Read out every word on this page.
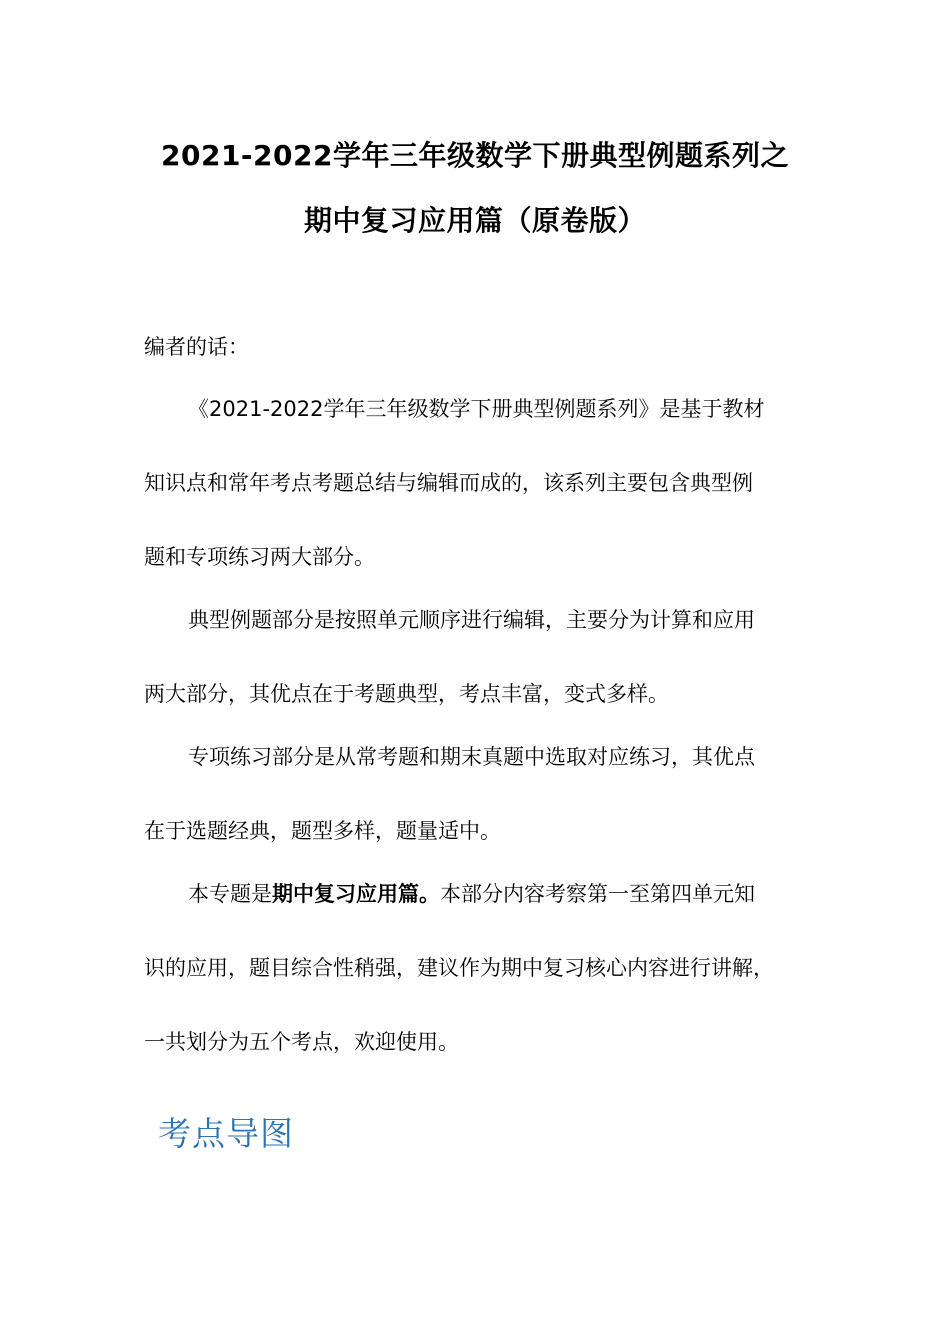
2021-2022学年三年级数学下册典型例题系列之
期中复习应用篇（原卷版）
编者的话：
《2021-2022学年三年级数学下册典型例题系列》是基于教材
知识点和常年考点考题总结与编辑而成的，该系列主要包含典型例
题和专项练习两大部分。
典型例题部分是按照单元顺序进行编辑，主要分为计算和应用
两大部分，其优点在于考题典型，考点丰富，变式多样。
专项练习部分是从常考题和期末真题中选取对应练习，其优点
在于选题经典，题型多样，题量适中。
本专题是期中复习应用篇。本部分内容考察第一至第四单元知
识的应用，题目综合性稍强，建议作为期中复习核心内容进行讲解，
一共划分为五个考点，欢迎使用。
考点导图
